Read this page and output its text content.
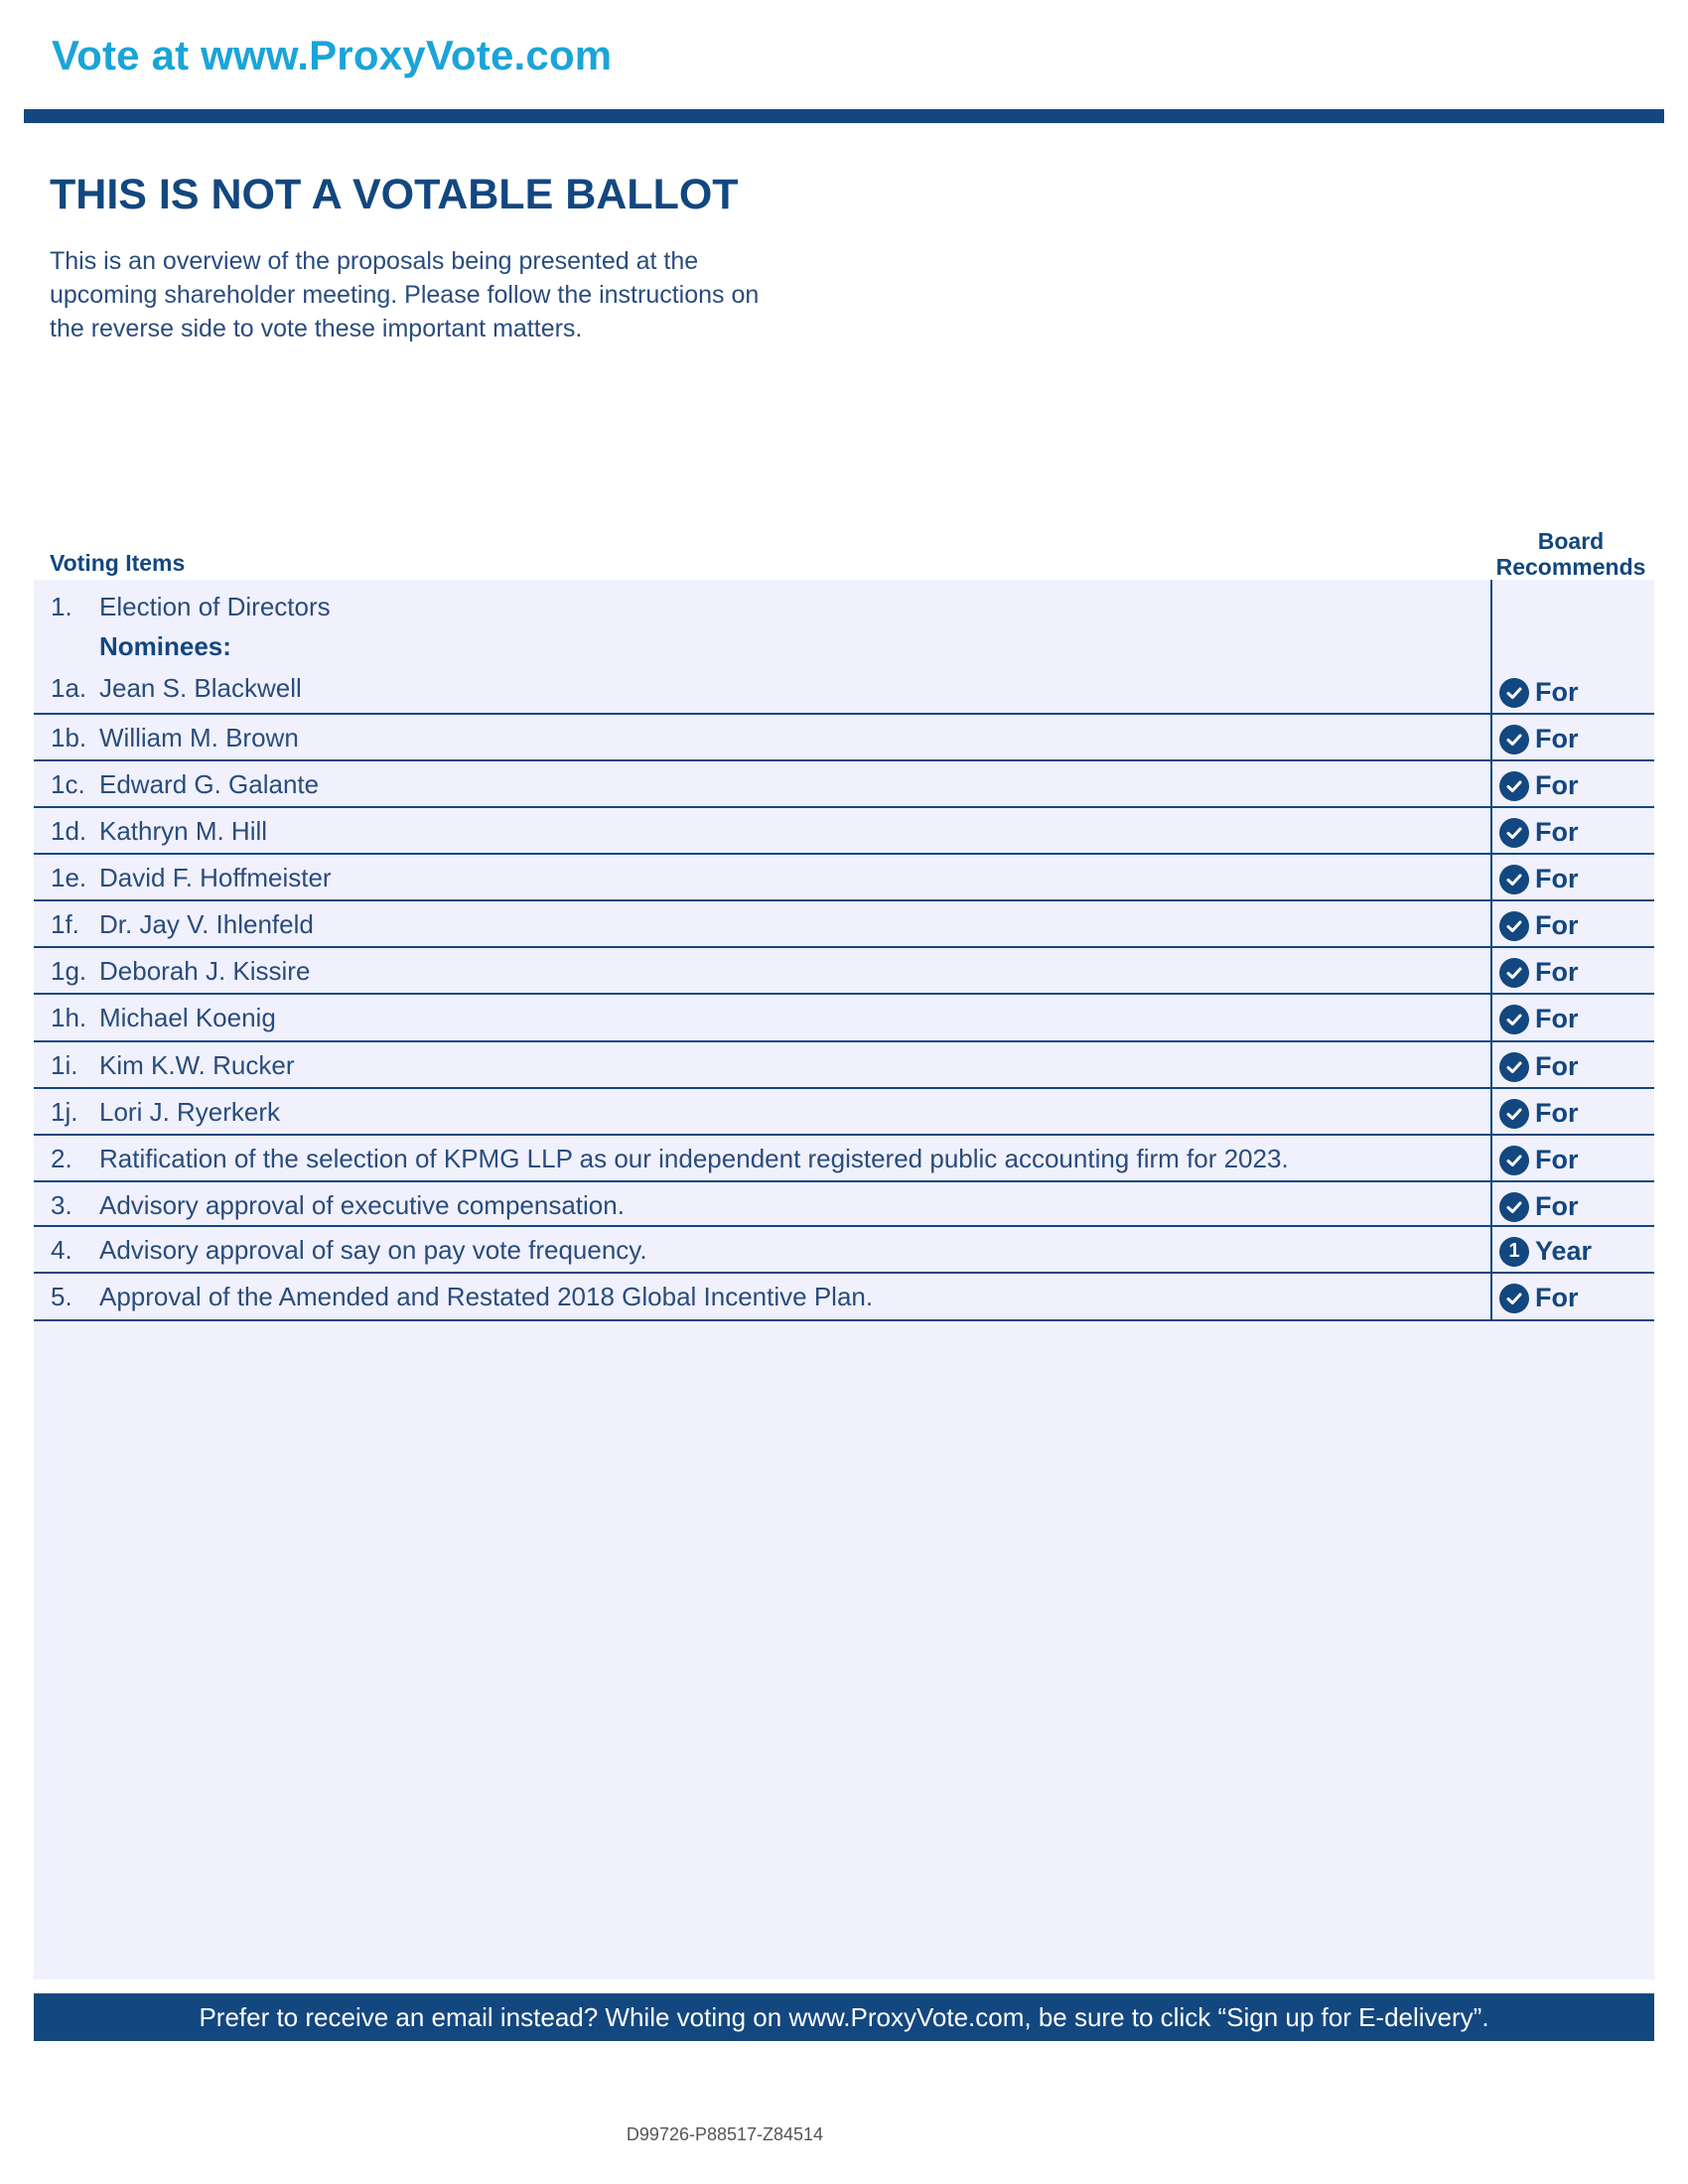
Vote at www.ProxyVote.com
THIS IS NOT A VOTABLE BALLOT

This is an overview of the proposals being presented at the

upcoming shareholder meeting. Please follow the instructions on

the reverse side to vote these important matters.

Voting Items
Board
Recommends
1. Election of Directors
Nominees:
1a. Jean S. Blackwell	For
1b. William M. Brown	For
1c. Edward G. Galante	For
1d. Kathryn M. Hill	For
1e. David F. Hoffmeister	For
1f. Dr. Jay V. Ihlenfeld	For
1g. Deborah J. Kissire	For
1h. Michael Koenig	For
1i. Kim K.W. Rucker	For
1j. Lori J. Ryerkerk	For
2. Ratification of the selection of KPMG LLP as our independent registered public accounting firm for 2023.	For
3. Advisory approval of executive compensation.	For
4. Advisory approval of say on pay vote frequency.	1 Year
5. Approval of the Amended and Restated 2018 Global Incentive Plan.	For
Prefer to receive an email instead? While voting on www.ProxyVote.com, be sure to click “Sign up for E-delivery”.
D99726-P88517-Z84514
